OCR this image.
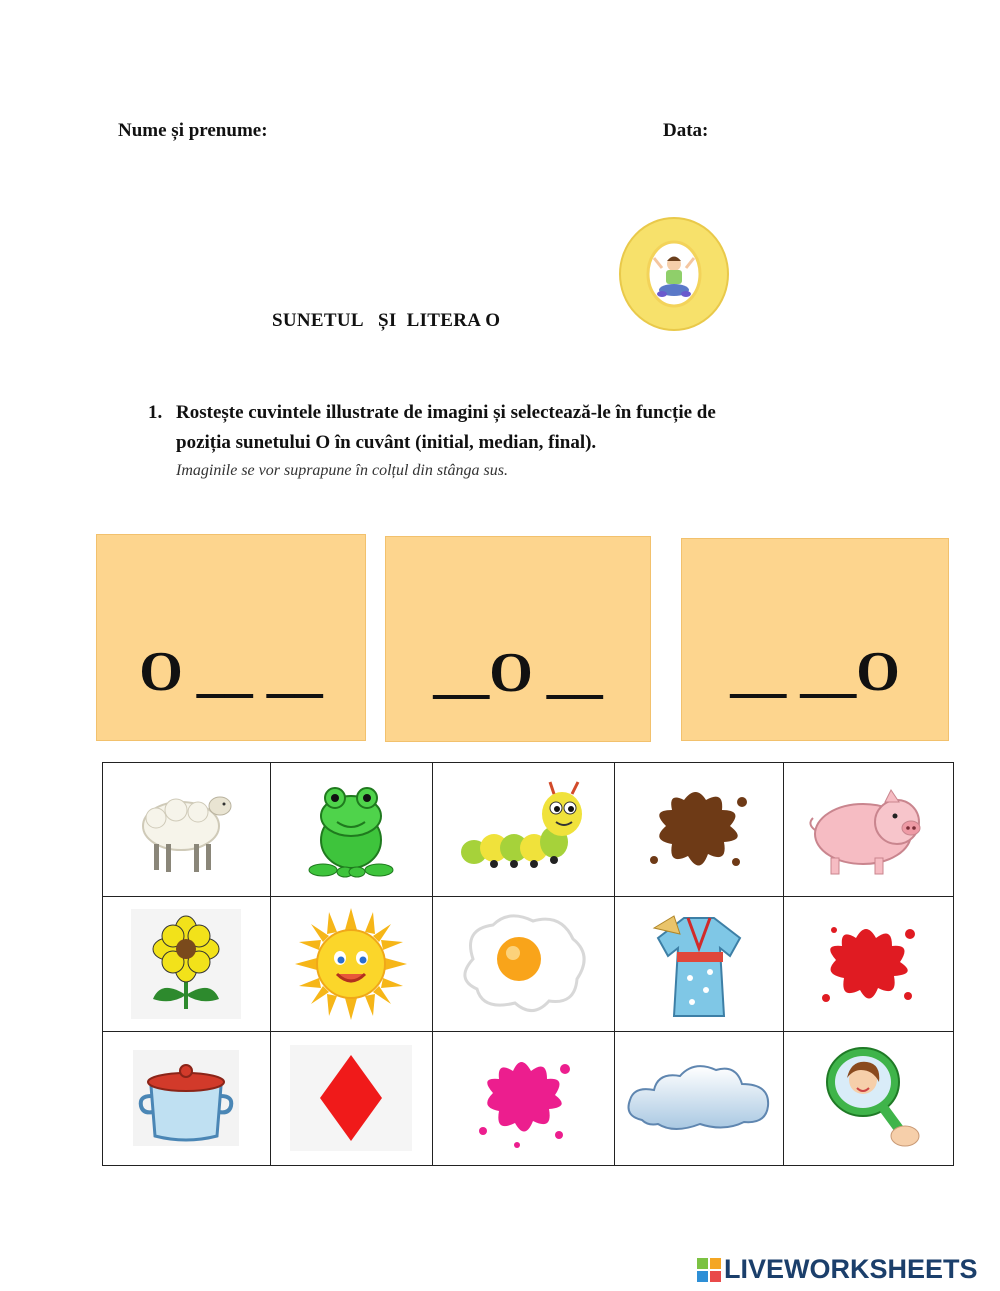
Nume și prenume:	Data:
SUNETUL   ȘI  LITERA O
1. Rostește cuvintele illustrate de imagini și selectează-le în funcție de
poziția sunetului O în cuvânt (initial, median, final).
Imaginile se vor suprapune în colțul din stânga sus.
O __ __ __O __ __ __O

LIVEWORKSHEETS
